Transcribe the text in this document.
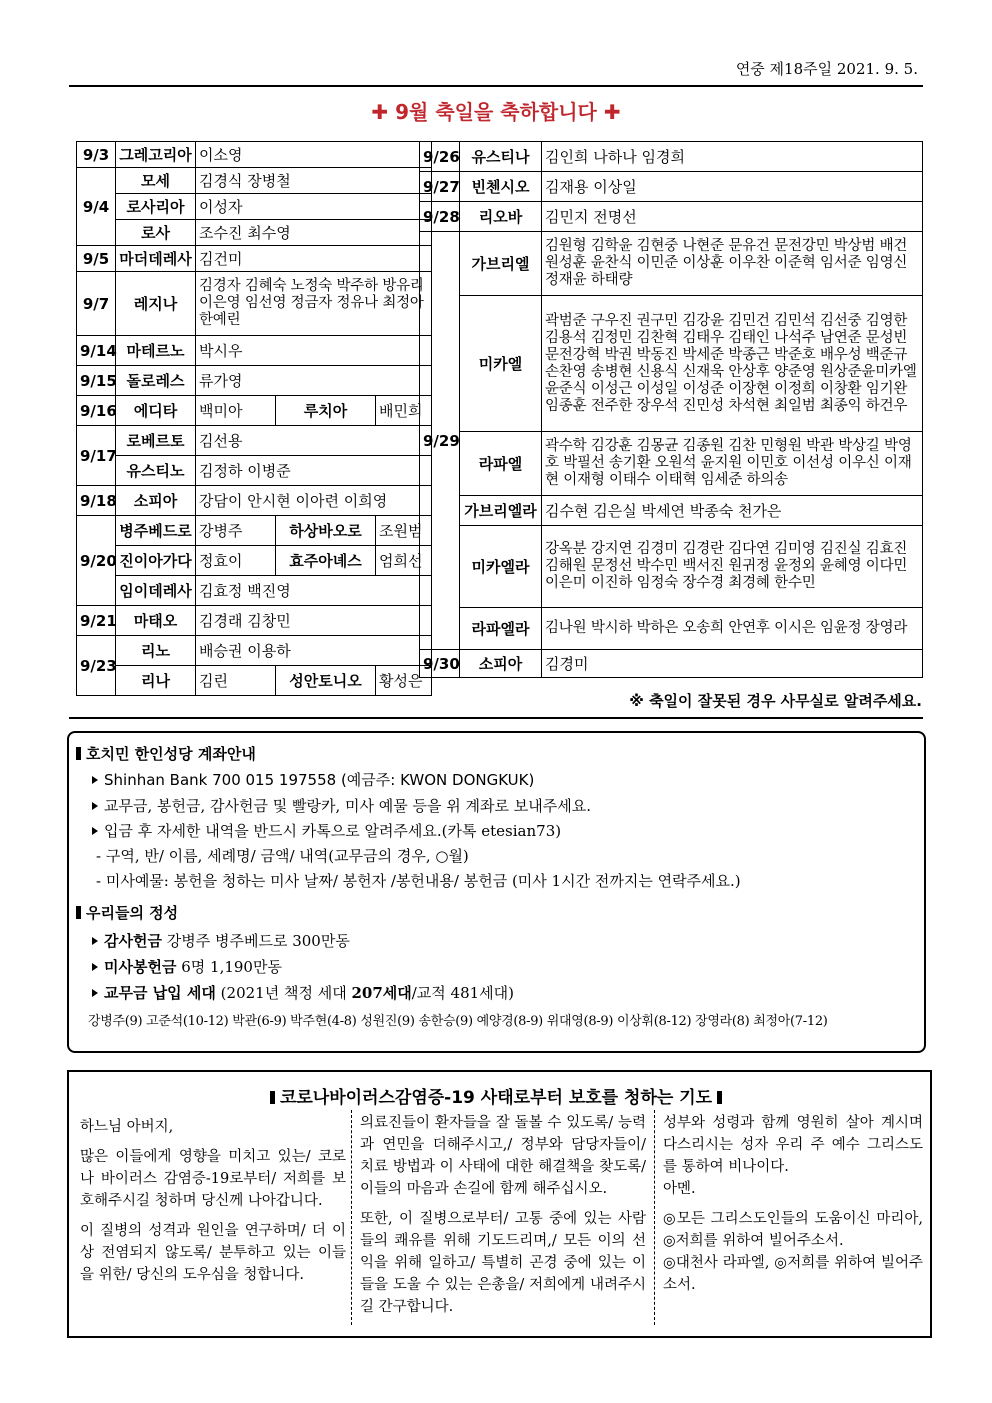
연중 제18주일 2021. 9. 5.
✚ 9월 축일을 축하합니다 ✚
9/3	그레고리아	이소영		
9/4	모세	김경식 장병철		
	로사리아	이성자		
	로사	조수진 최수영		
9/5	마더데레사	김건미		
9/7	레지나	김경자 김혜숙 노정숙 박주하 방유리 이은영 임선영 정금자 정유나 최정아 한예린		
9/14	마테르노	박시우		
9/15	돌로레스	류가영		
9/16	에디타	백미아	루치아	배민희
9/17	로베르토	김선용		
	유스티노	김정하 이병준		
9/18	소피아	강담이 안시현 이아련 이희영		
9/20	병주베드로	강병주	하상바오로	조원범
	진이아가다	정효이	효주아녜스	엄희선
	임이데레사	김효정 백진영		
9/21	마태오	김경래 김창민		
9/23	리노	배승권 이용하		
	리나	김린	성안토니오	황성은
9/26	유스티나	김인희 나하나 임경희
9/27	빈첸시오	김재용 이상일
9/28	리오바	김민지 전명선
9/29	가브리엘	김원형 김학윤 김현중 나현준 문유건 문전강민 박상범 배건 원성훈 윤찬식 이민준 이상훈 이우찬 이준혁 임서준 임영신 정재윤 하태량
	미카엘	곽범준 구우진 권구민 김강윤 김민건 김민석 김선중 김영한 김용석 김정민 김찬혁 김태우 김태인 나석주 남연준 문성빈 문전강혁 박권 박동진 박세준 박종근 박준호 배우성 백준규 손찬영 송병현 신용식 신재욱 안상후 양준영 원상준윤미카엘 윤준식 이성근 이성일 이성준 이장현 이정희 이창환 임기완 임종훈 전주한 장우석 진민성 차석현 최일범 최종익 하건우
	라파엘	곽수학 김강훈 김몽균 김종원 김찬 민형원 박관 박상길 박영호 박필선 송기환 오원석 윤지원 이민호 이선성 이우신 이재현 이재형 이태수 이태혁 임세준 하의송
	가브리엘라	김수현 김은실 박세연 박종숙 천가은
	미카엘라	강옥분 강지연 김경미 김경란 김다연 김미영 김진실 김효진 김해원 문정선 박수민 백서진 원귀정 윤정외 윤혜영 이다민 이은미 이진하 임정숙 장수경 최경혜 한수민
	라파엘라	김나원 박시하 박하은 오송희 안연후 이시은 임윤정 장영라
9/30	소피아	김경미
※ 축일이 잘못된 경우 사무실로 알려주세요.
호치민 한인성당 계좌안내
Shinhan Bank 700 015 197558 (예금주: KWON DONGKUK)
교무금, 봉헌금, 감사헌금 및 빨랑카, 미사 예물 등을 위 계좌로 보내주세요.
입금 후 자세한 내역을 반드시 카톡으로 알려주세요.(카톡 etesian73)
- 구역, 반/ 이름, 세례명/ 금액/ 내역(교무금의 경우, ○월)
- 미사예물: 봉헌을 청하는 미사 날짜/ 봉헌자 /봉헌내용/ 봉헌금 (미사 1시간 전까지는 연락주세요.)
우리들의 정성
감사헌금 강병주 병주베드로 300만동
미사봉헌금 6명 1,190만동
교무금 납입 세대 (2021년 책정 세대 207세대/교적 481세대)
강병주(9) 고준석(10-12) 박관(6-9) 박주현(4-8) 성원진(9) 송한승(9) 예양경(8-9) 위대영(8-9) 이상휘(8-12) 장영라(8) 최정아(7-12)
코로나바이러스감염증-19 사태로부터 보호를 청하는 기도

하느님 아버지,

많은 이들에게 영향을 미치고 있는/ 코로나 바이러스 감염증-19로부터/ 저희를 보호해주시길 청하며 당신께 나아갑니다.

이 질병의 성격과 원인을 연구하며/ 더 이상 전염되지 않도록/ 분투하고 있는 이들을 위한/ 당신의 도우심을 청합니다.

의료진들이 환자들을 잘 돌볼 수 있도록/ 능력과 연민을 더해주시고,/ 정부와 담당자들이/ 치료 방법과 이 사태에 대한 해결책을 찾도록/ 이들의 마음과 손길에 함께 해주십시오.

또한, 이 질병으로부터/ 고통 중에 있는 사람들의 쾌유를 위해 기도드리며,/ 모든 이의 선익을 위해 일하고/ 특별히 곤경 중에 있는 이들을 도울 수 있는 은총을/ 저희에게 내려주시길 간구합니다.

성부와 성령과 함께 영원히 살아 계시며 다스리시는 성자 우리 주 예수 그리스도를 통하여 비나이다.

아멘.

◎모든 그리스도인들의 도움이신 마리아, ◎저희를 위하여 빌어주소서.

◎대천사 라파엘, ◎저희를 위하여 빌어주소서.
